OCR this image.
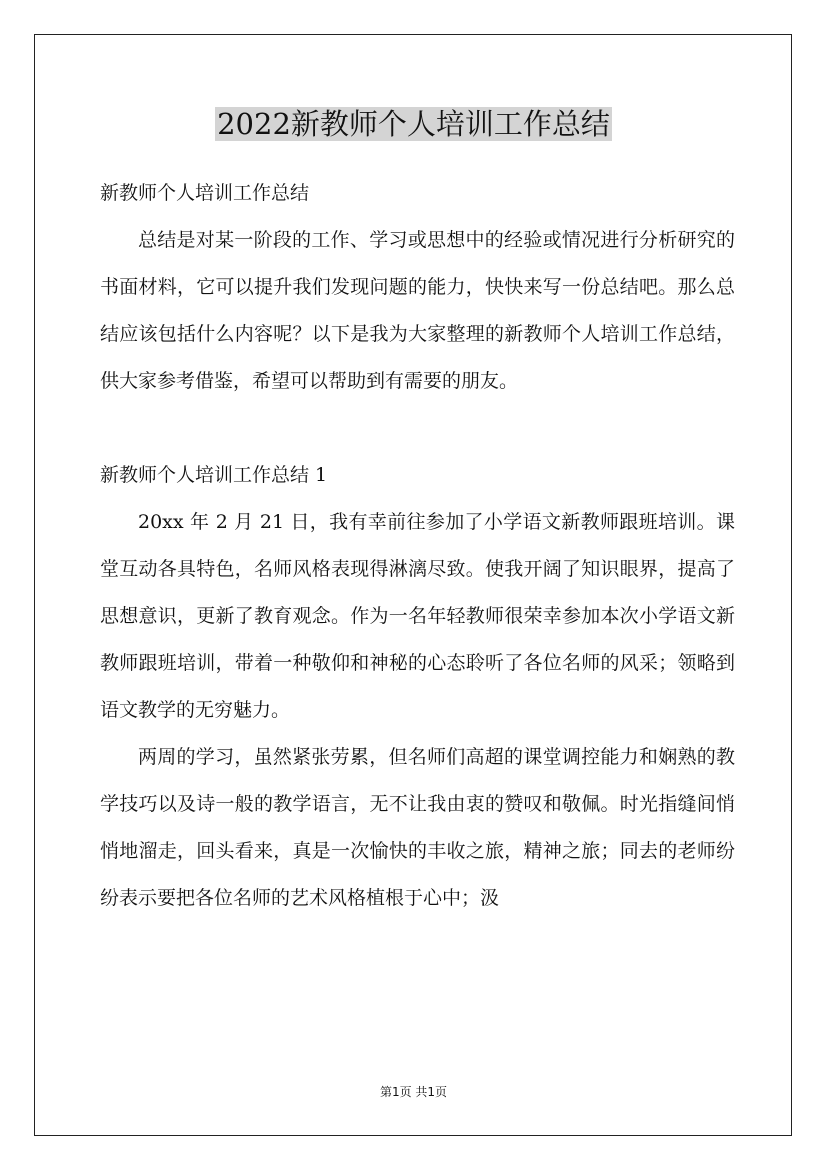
2022新教师个人培训工作总结

新教师个人培训工作总结

总结是对某一阶段的工作、学习或思想中的经验或情况进行分析研究的书面材料，它可以提升我们发现问题的能力，快快来写一份总结吧。那么总结应该包括什么内容呢？以下是我为大家整理的新教师个人培训工作总结，供大家参考借鉴，希望可以帮助到有需要的朋友。

新教师个人培训工作总结 1

20xx 年 2 月 21 日，我有幸前往参加了小学语文新教师跟班培训。课堂互动各具特色，名师风格表现得淋漓尽致。使我开阔了知识眼界，提高了思想意识，更新了教育观念。作为一名年轻教师很荣幸参加本次小学语文新教师跟班培训，带着一种敬仰和神秘的心态聆听了各位名师的风采；领略到语文教学的无穷魅力。

两周的学习，虽然紧张劳累，但名师们高超的课堂调控能力和娴熟的教学技巧以及诗一般的教学语言，无不让我由衷的赞叹和敬佩。时光指缝间悄悄地溜走，回头看来，真是一次愉快的丰收之旅，精神之旅；同去的老师纷纷表示要把各位名师的艺术风格植根于心中；汲

第1页 共1页
